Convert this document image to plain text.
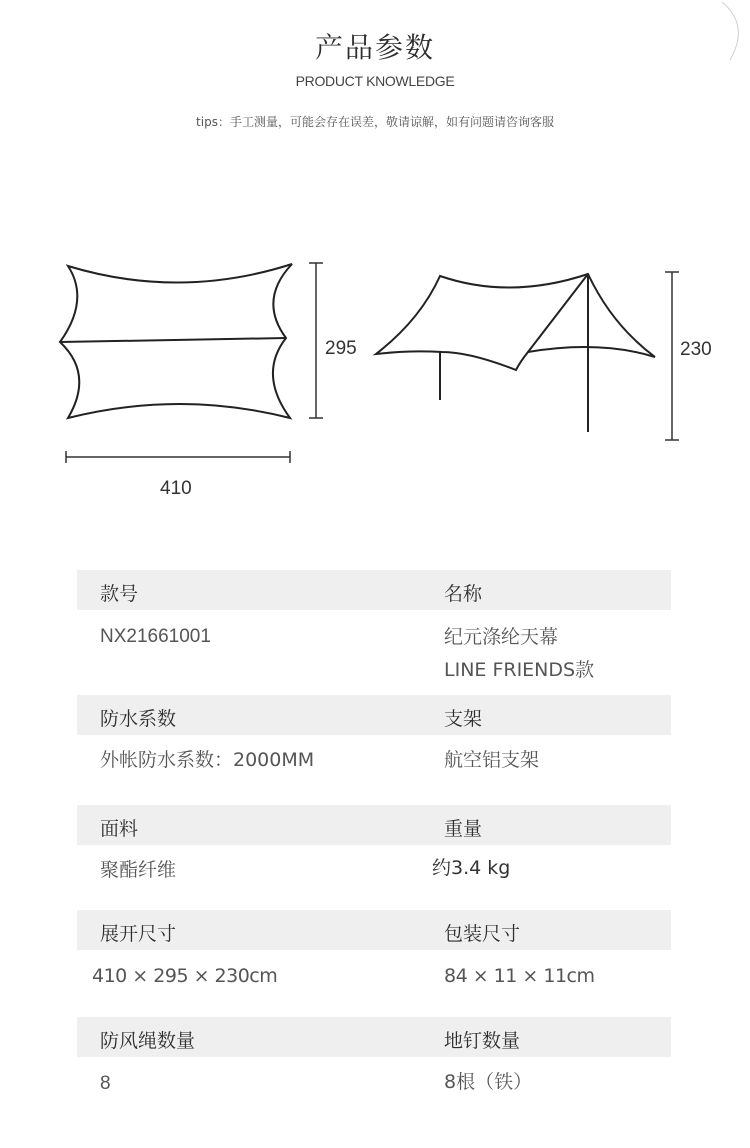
产品参数
PRODUCT KNOWLEDGE
tips：手工测量，可能会存在误差，敬请谅解，如有问题请咨询客服
295
410
230
款号	名称
NX21661001	纪元涤纶天幕
LINE FRIENDS款
防水系数	支架
外帐防水系数：2000MM	航空铝支架
面料	重量
聚酯纤维	约3.4 kg
展开尺寸	包装尺寸
410 × 295 × 230cm	84 × 11 × 11cm
防风绳数量	地钉数量
8	8根（铁）
